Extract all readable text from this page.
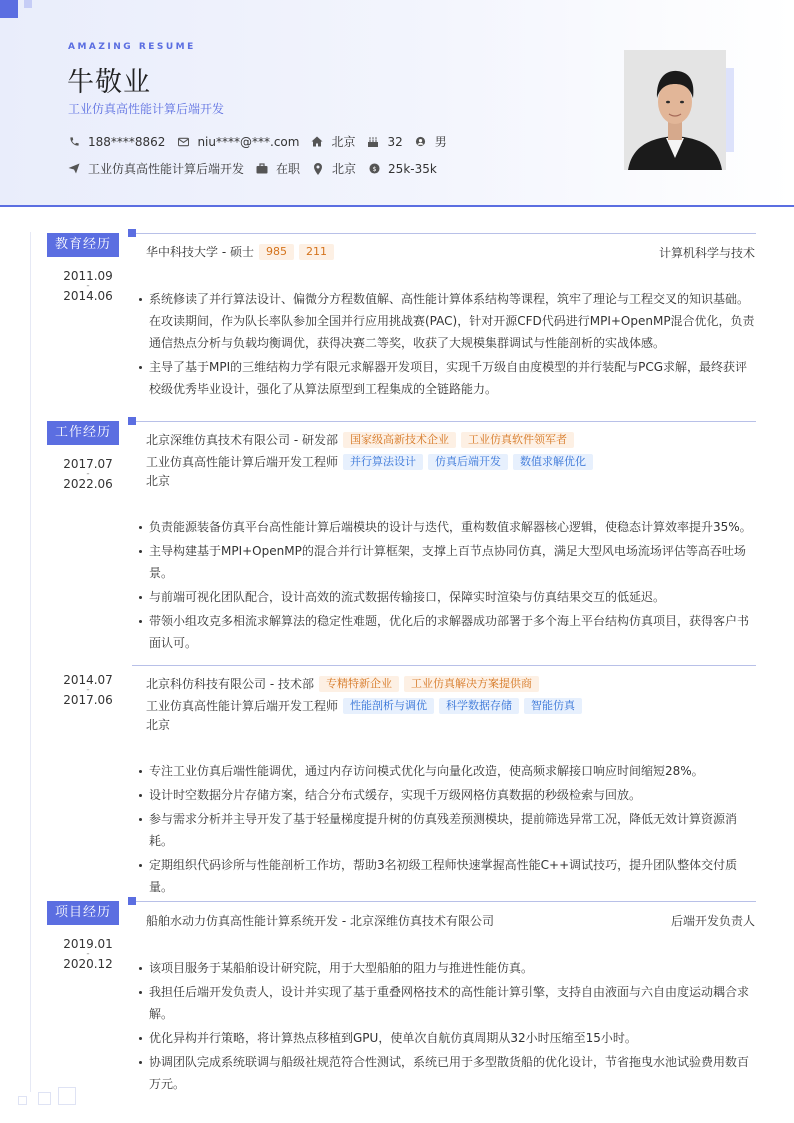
AMAZING RESUME
牛敬业
工业仿真高性能计算后端开发
188****8862	niu****@***.com	北京	32	男
工业仿真高性能计算后端开发	在职	北京 $ 25k-35k
教育经历
2011.09
-
2014.06
华中科技大学 - 硕士	985	211	计算机科学与技术
系统修读了并行算法设计、偏微分方程数值解、高性能计算体系结构等课程，筑牢了理论与工程交叉的知识基础。在攻读期间，作为队长率队参加全国并行应用挑战赛(PAC)，针对开源CFD代码进行MPI+OpenMP混合优化，负责通信热点分析与负载均衡调优，获得决赛二等奖，收获了大规模集群调试与性能剖析的实战体感。
主导了基于MPI的三维结构力学有限元求解器开发项目，实现千万级自由度模型的并行装配与PCG求解，最终获评校级优秀毕业设计，强化了从算法原型到工程集成的全链路能力。
工作经历
2017.07
-
2022.06
北京深维仿真技术有限公司 - 研发部	国家级高新技术企业	工业仿真软件领军者
工业仿真高性能计算后端开发工程师	并行算法设计	仿真后端开发	数值求解优化
北京
负责能源装备仿真平台高性能计算后端模块的设计与迭代，重构数值求解器核心逻辑，使稳态计算效率提升35%。
主导构建基于MPI+OpenMP的混合并行计算框架，支撑上百节点协同仿真，满足大型风电场流场评估等高吞吐场景。
与前端可视化团队配合，设计高效的流式数据传输接口，保障实时渲染与仿真结果交互的低延迟。
带领小组攻克多相流求解算法的稳定性难题，优化后的求解器成功部署于多个海上平台结构仿真项目，获得客户书面认可。
2014.07
-
2017.06
北京科仿科技有限公司 - 技术部	专精特新企业	工业仿真解决方案提供商
工业仿真高性能计算后端开发工程师	性能剖析与调优	科学数据存储	智能仿真
北京
专注工业仿真后端性能调优，通过内存访问模式优化与向量化改造，使高频求解接口响应时间缩短28%。
设计时空数据分片存储方案，结合分布式缓存，实现千万级网格仿真数据的秒级检索与回放。
参与需求分析并主导开发了基于轻量梯度提升树的仿真残差预测模块，提前筛选异常工况，降低无效计算资源消耗。
定期组织代码诊所与性能剖析工作坊，帮助3名初级工程师快速掌握高性能C++调试技巧，提升团队整体交付质量。
项目经历
2019.01
-
2020.12
船舶水动力仿真高性能计算系统开发 - 北京深维仿真技术有限公司	后端开发负责人
该项目服务于某船舶设计研究院，用于大型船舶的阻力与推进性能仿真。
我担任后端开发负责人，设计并实现了基于重叠网格技术的高性能计算引擎，支持自由液面与六自由度运动耦合求解。
优化异构并行策略，将计算热点移植到GPU，使单次自航仿真周期从32小时压缩至15小时。
协调团队完成系统联调与船级社规范符合性测试，系统已用于多型散货船的优化设计，节省拖曳水池试验费用数百万元。
